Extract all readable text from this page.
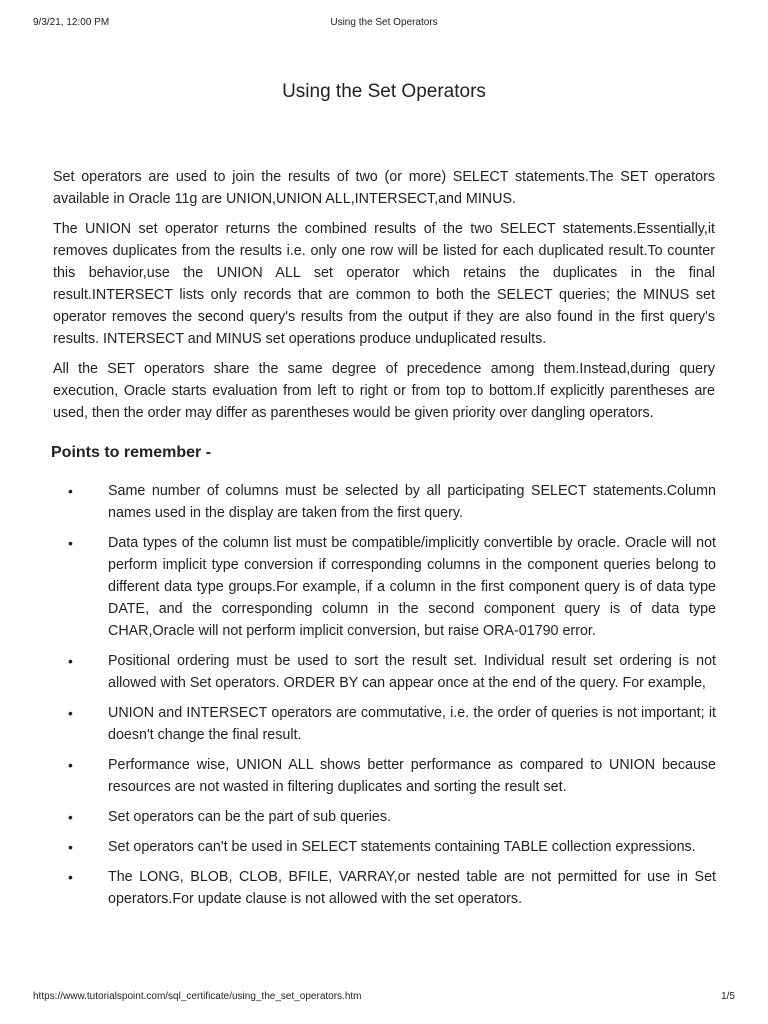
9/3/21, 12:00 PM	Using the Set Operators
Using the Set Operators

Set operators are used to join the results of two (or more) SELECT statements.The SET operators available in Oracle 11g are UNION,UNION ALL,INTERSECT,and MINUS.

The UNION set operator returns the combined results of the two SELECT statements.Essentially,it removes duplicates from the results i.e. only one row will be listed for each duplicated result.To counter this behavior,use the UNION ALL set operator which retains the duplicates in the final result.INTERSECT lists only records that are common to both the SELECT queries; the MINUS set operator removes the second query's results from the output if they are also found in the first query's results. INTERSECT and MINUS set operations produce unduplicated results.

All the SET operators share the same degree of precedence among them.Instead,during query execution, Oracle starts evaluation from left to right or from top to bottom.If explicitly parentheses are used, then the order may differ as parentheses would be given priority over dangling operators.

Points to remember -
• Same number of columns must be selected by all participating SELECT statements.Column names used in the display are taken from the first query.
• Data types of the column list must be compatible/implicitly convertible by oracle. Oracle will not perform implicit type conversion if corresponding columns in the component queries belong to different data type groups.For example, if a column in the first component query is of data type DATE, and the corresponding column in the second component query is of data type CHAR,Oracle will not perform implicit conversion, but raise ORA-01790 error.
• Positional ordering must be used to sort the result set. Individual result set ordering is not allowed with Set operators. ORDER BY can appear once at the end of the query. For example,
• UNION and INTERSECT operators are commutative, i.e. the order of queries is not important; it doesn't change the final result.
• Performance wise, UNION ALL shows better performance as compared to UNION because resources are not wasted in filtering duplicates and sorting the result set.
• Set operators can be the part of sub queries.
• Set operators can't be used in SELECT statements containing TABLE collection expressions.
• The LONG, BLOB, CLOB, BFILE, VARRAY,or nested table are not permitted for use in Set operators.For update clause is not allowed with the set operators.
https://www.tutorialspoint.com/sql_certificate/using_the_set_operators.htm	1/5
